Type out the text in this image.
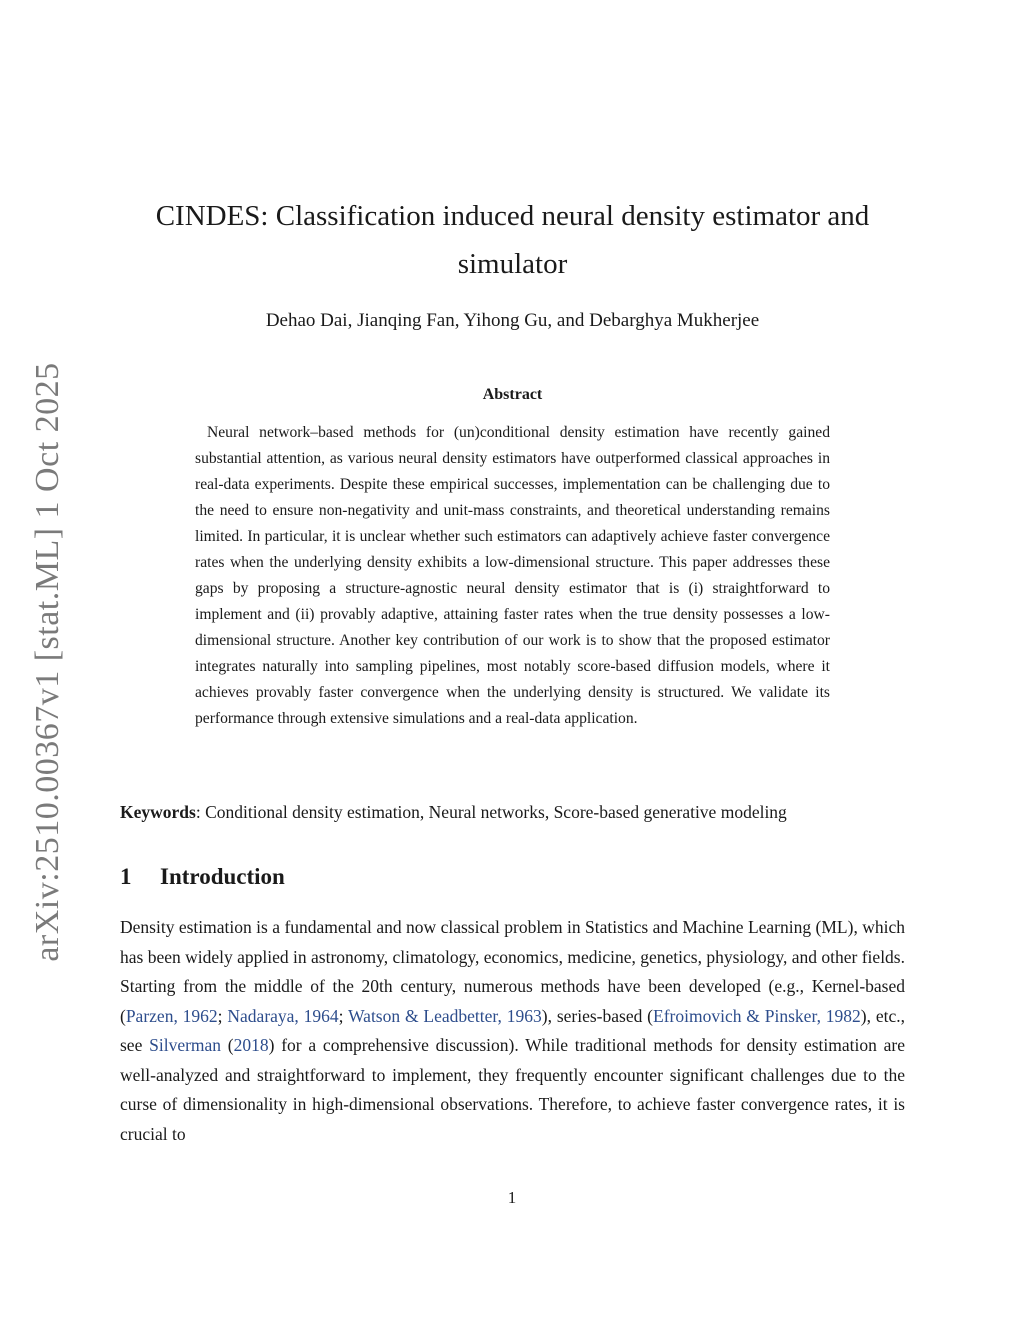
arXiv:2510.00367v1 [stat.ML] 1 Oct 2025
CINDES: Classification induced neural density estimator and simulator
Dehao Dai, Jianqing Fan, Yihong Gu, and Debarghya Mukherjee
Abstract

Neural network–based methods for (un)conditional density estimation have recently gained substantial attention, as various neural density estimators have outperformed classical approaches in real-data experiments. Despite these empirical successes, implementation can be challenging due to the need to ensure non-negativity and unit-mass constraints, and theoretical understanding remains limited. In particular, it is unclear whether such estimators can adaptively achieve faster convergence rates when the underlying density exhibits a low-dimensional structure. This paper addresses these gaps by proposing a structure-agnostic neural density estimator that is (i) straightforward to implement and (ii) provably adaptive, attaining faster rates when the true density possesses a low-dimensional structure. Another key contribution of our work is to show that the proposed estimator integrates naturally into sampling pipelines, most notably score-based diffusion models, where it achieves provably faster convergence when the underlying density is structured. We validate its performance through extensive simulations and a real-data application.

Keywords: Conditional density estimation, Neural networks, Score-based generative modeling
1 Introduction

Density estimation is a fundamental and now classical problem in Statistics and Machine Learning (ML), which has been widely applied in astronomy, climatology, economics, medicine, genetics, physiology, and other fields. Starting from the middle of the 20th century, numerous methods have been developed (e.g., Kernel-based (Parzen, 1962; Nadaraya, 1964; Watson & Leadbetter, 1963), series-based (Efroimovich & Pinsker, 1982), etc., see Silverman (2018) for a comprehensive discussion). While traditional methods for density estimation are well-analyzed and straightforward to implement, they frequently encounter significant challenges due to the curse of dimensionality in high-dimensional observations. Therefore, to achieve faster convergence rates, it is crucial to

1
